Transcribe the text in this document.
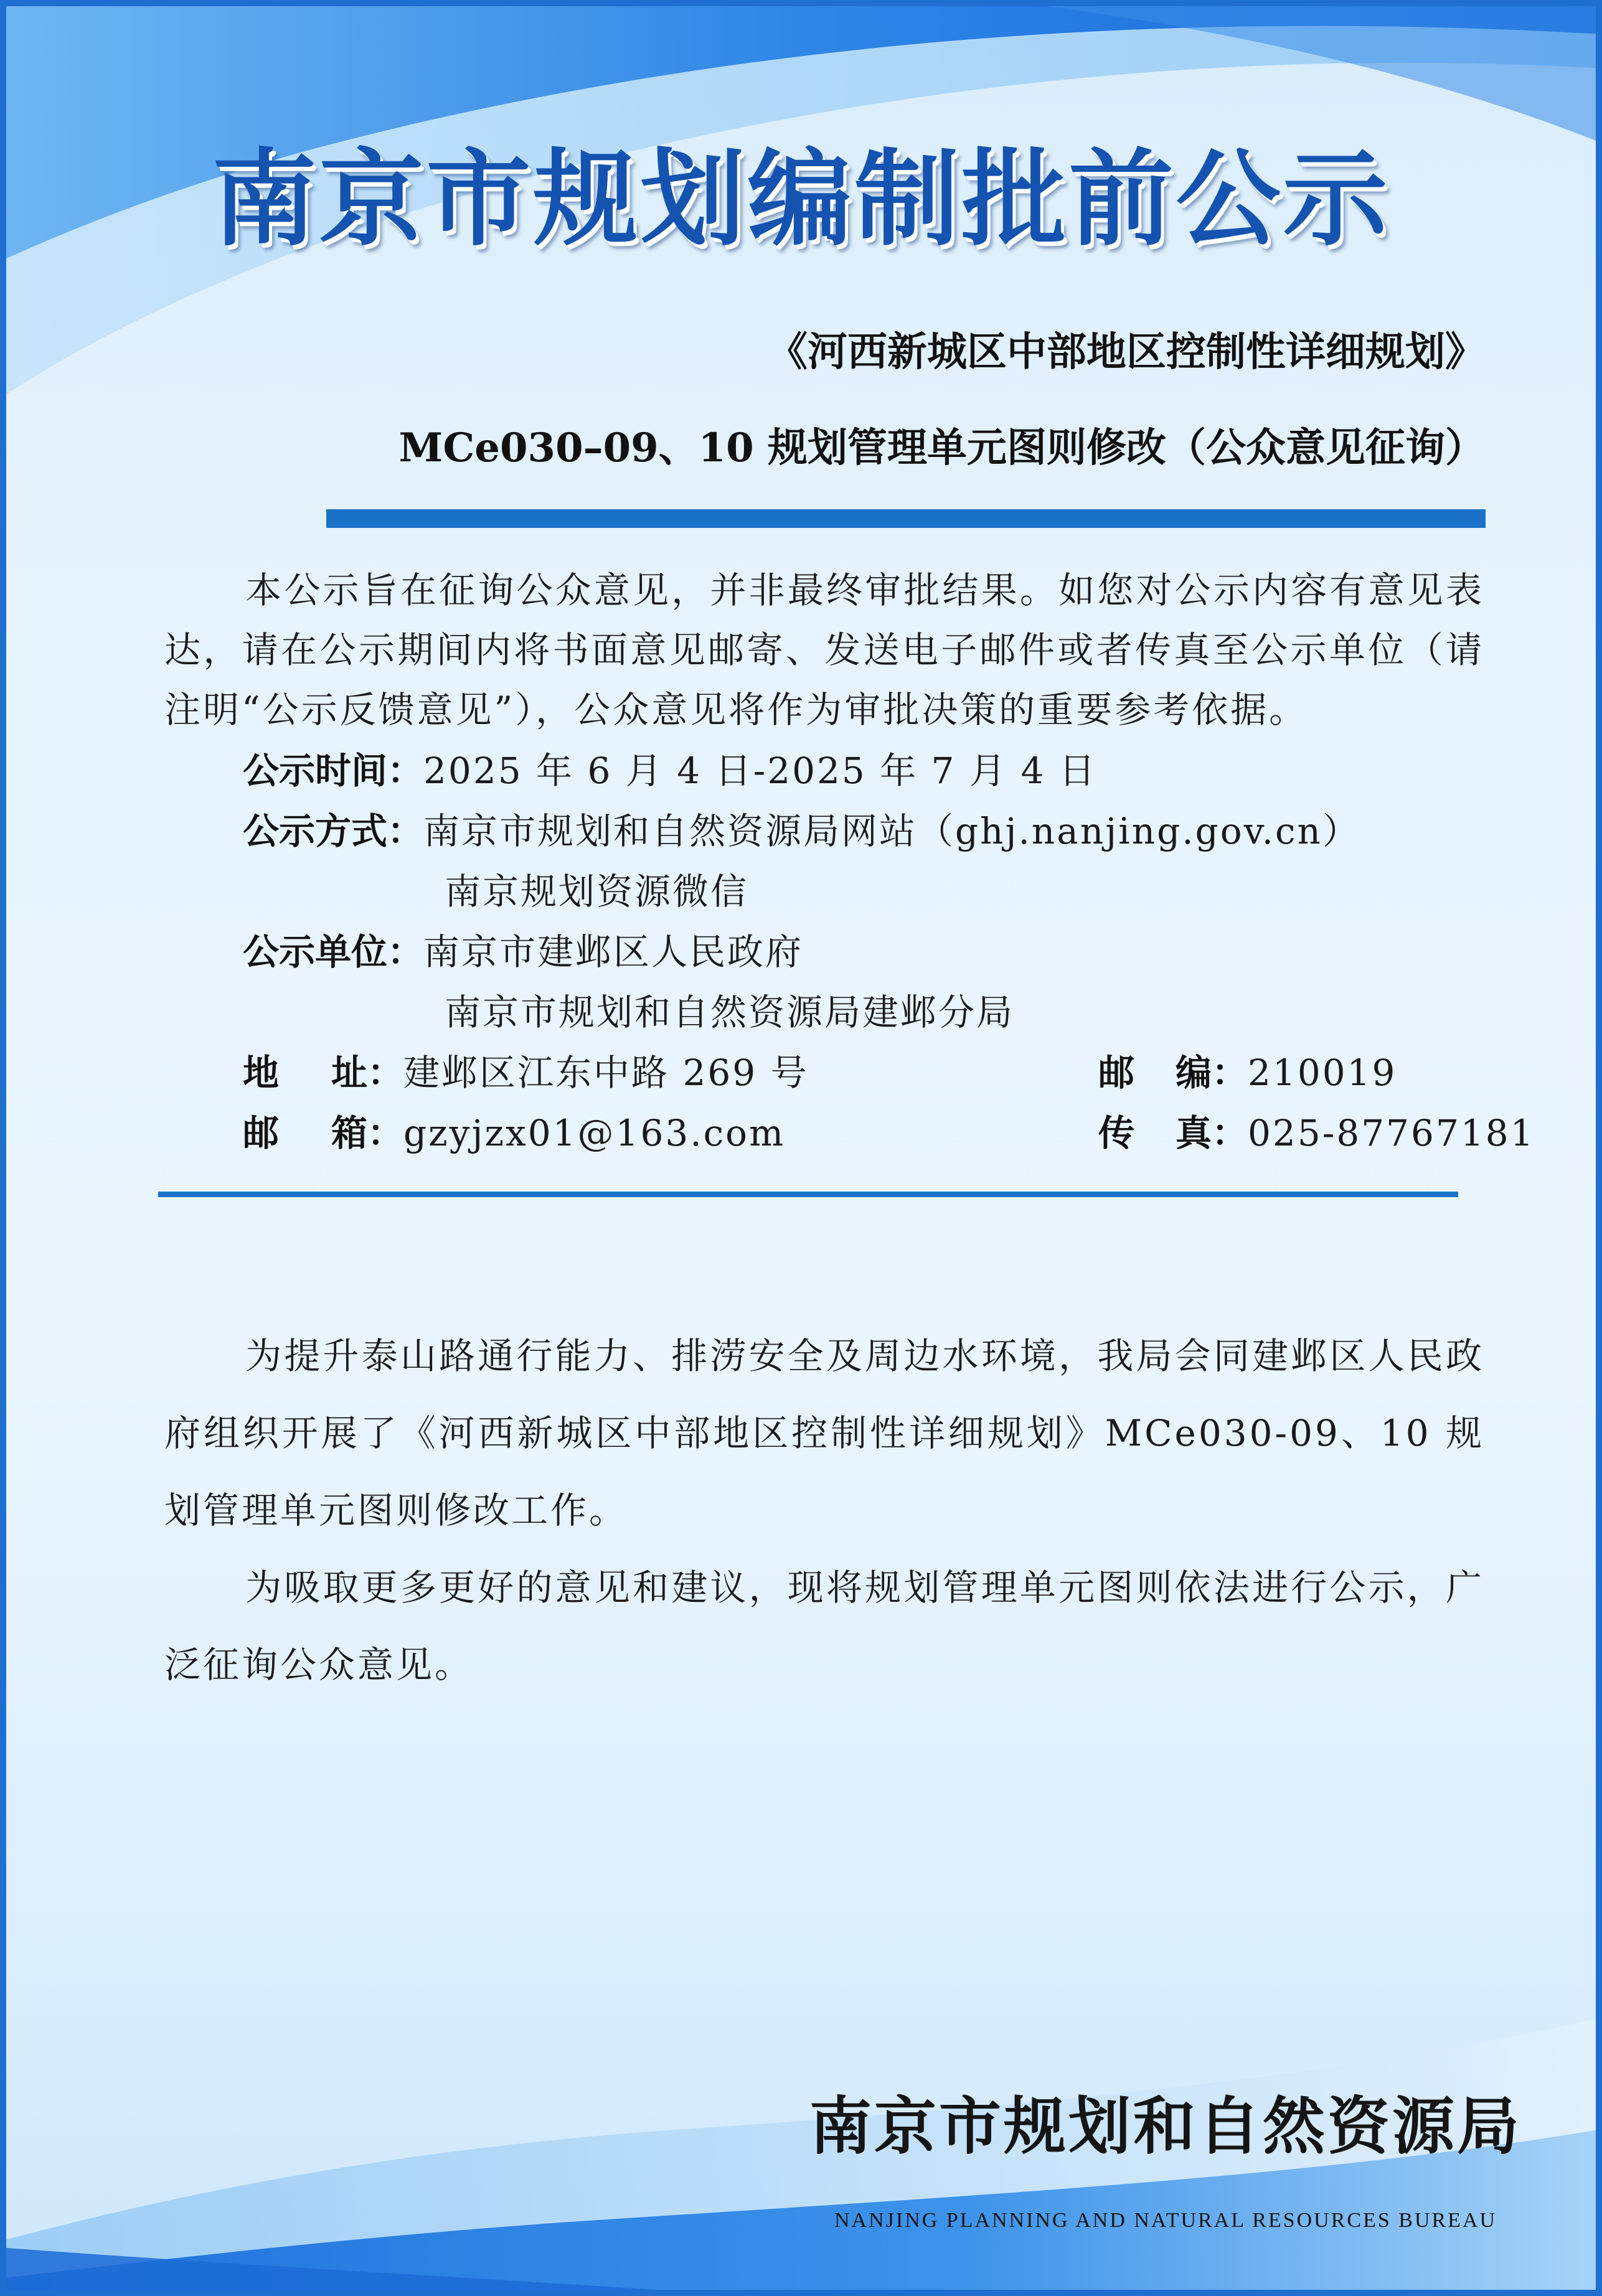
南京市规划编制批前公示
《河西新城区中部地区控制性详细规划》
MCe030–09、10 规划管理单元图则修改（公众意见征询）

本公示旨在征询公众意见，并非最终审批结果。如您对公示内容有意见表达，请在公示期间内将书面意见邮寄、发送电子邮件或者传真至公示单位（请注明“公示反馈意见”），公众意见将作为审批决策的重要参考依据。

公示时间：2025 年 6 月 4 日-2025 年 7 月 4 日
公示方式：南京市规划和自然资源局网站（ghj.nanjing.gov.cn）
南京规划资源微信
公示单位：南京市建邺区人民政府
南京市规划和自然资源局建邺分局
地址：建邺区江东中路 269 号	邮编：210019
邮箱：gzyjzx01@163.com	传真：025-87767181

为提升泰山路通行能力、排涝安全及周边水环境，我局会同建邺区人民政府组织开展了《河西新城区中部地区控制性详细规划》MCe030-09、10 规划管理单元图则修改工作。

为吸取更多更好的意见和建议，现将规划管理单元图则依法进行公示，广泛征询公众意见。

南京市规划和自然资源局
NANJING PLANNING AND NATURAL RESOURCES BUREAU
